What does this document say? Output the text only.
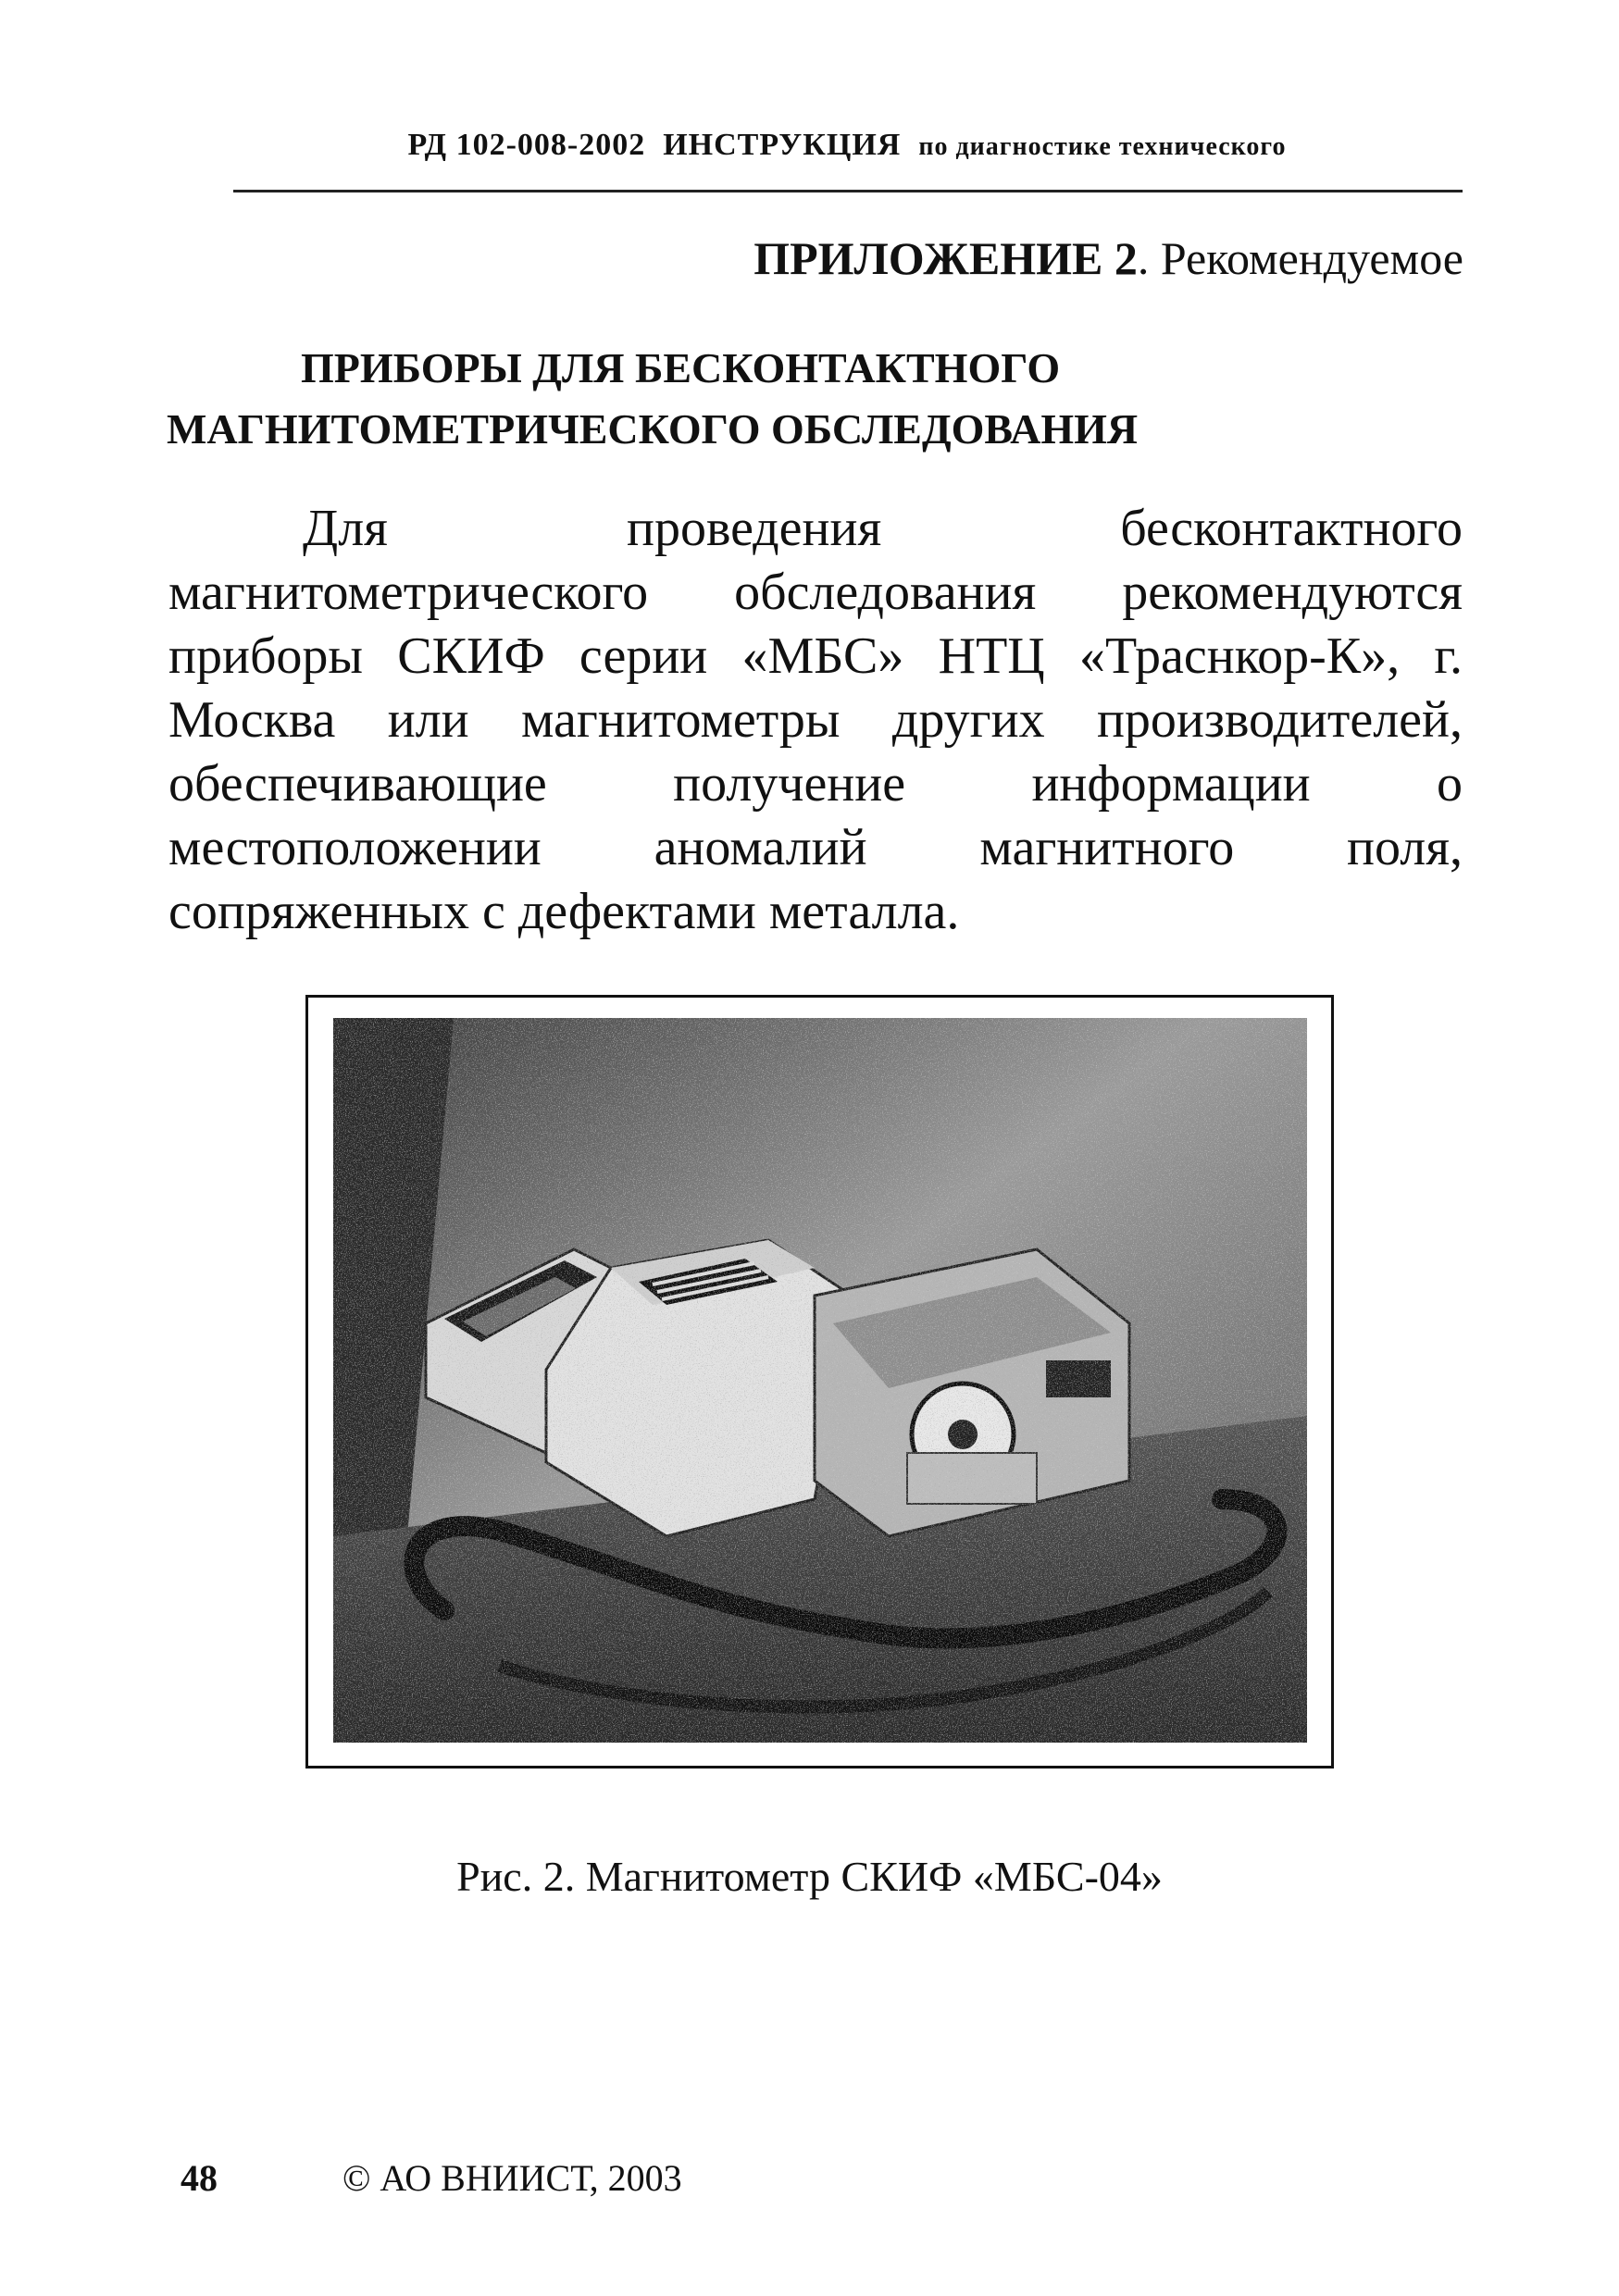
РД 102-008-2002 ИНСТРУКЦИЯ по диагностике технического
ПРИЛОЖЕНИЕ 2. Рекомендуемое
ПРИБОРЫ ДЛЯ БЕСКОНТАКТНОГО
МАГНИТОМЕТРИЧЕСКОГО ОБСЛЕДОВАНИЯ
Для проведения бесконтактного
магнитометрического обследования рекомендуются приборы СКИФ серии «МБС» НТЦ «Траснкор-К», г. Москва или магнитометры других производителей, обеспечивающие получение информации о местоположении аномалий магнитного поля, сопряженных с дефектами металла.
Рис. 2. Магнитометр СКИФ «МБС-04»
48	© АО ВНИИСТ, 2003
